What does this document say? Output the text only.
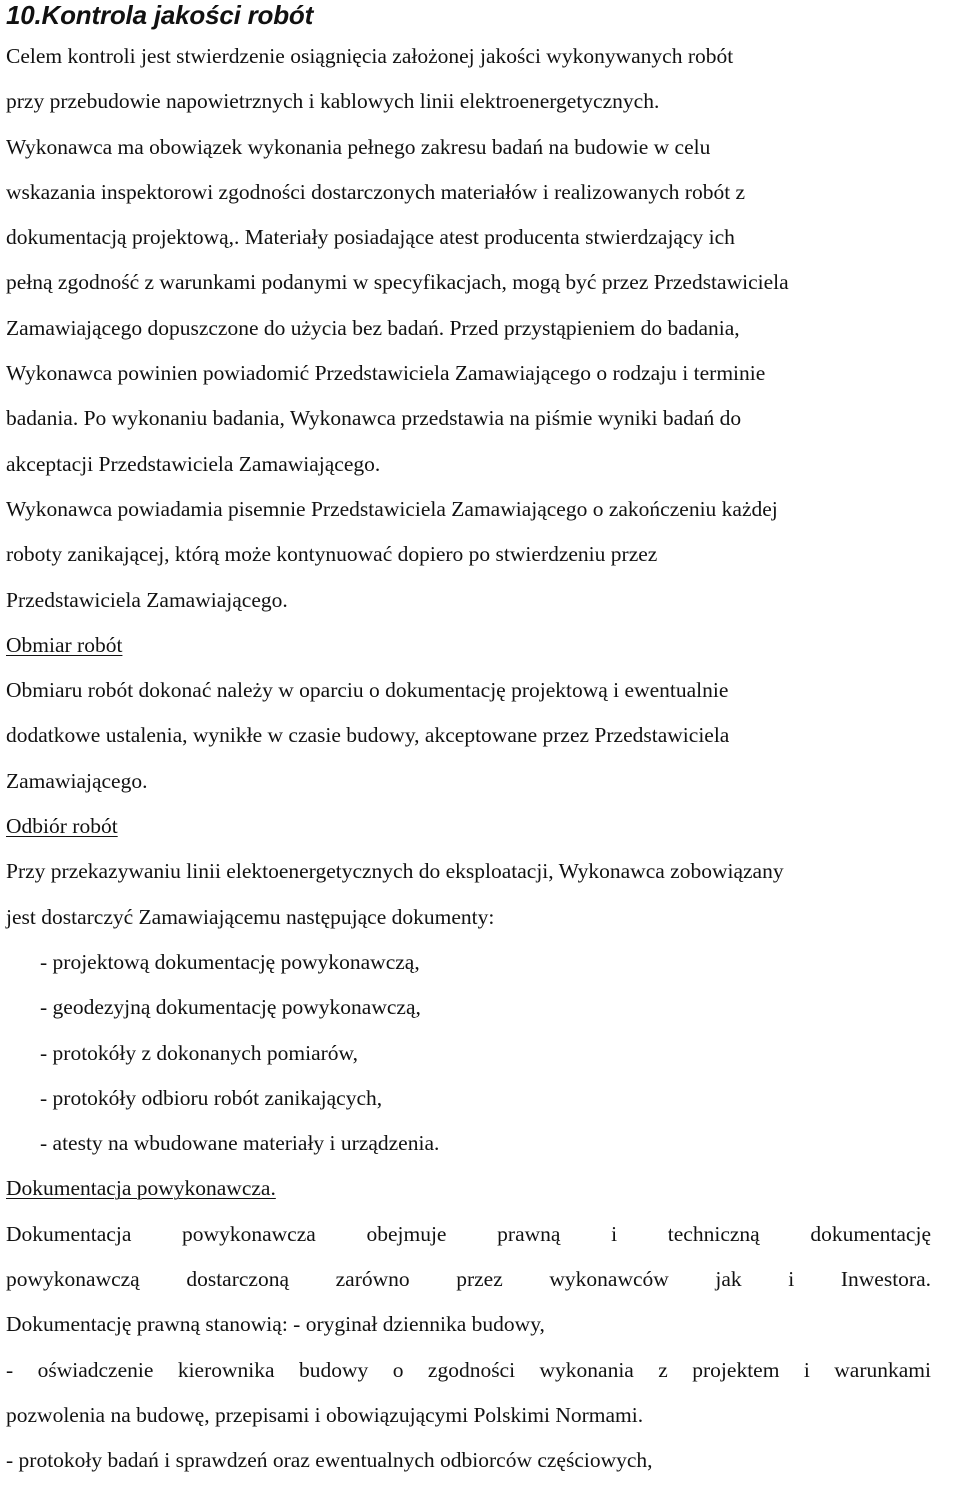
10.Kontrola jakości robót

Celem kontroli jest stwierdzenie osiągnięcia założonej jakości wykonywanych robót

przy przebudowie napowietrznych i kablowych linii elektroenergetycznych.

Wykonawca ma obowiązek wykonania pełnego zakresu badań na budowie w celu

wskazania inspektorowi zgodności dostarczonych materiałów i realizowanych robót z

dokumentacją projektową,. Materiały posiadające atest producenta stwierdzający ich

pełną zgodność z warunkami podanymi w specyfikacjach, mogą być przez Przedstawiciela

Zamawiającego dopuszczone do użycia bez badań. Przed przystąpieniem do badania,

Wykonawca powinien powiadomić Przedstawiciela Zamawiającego o rodzaju i terminie

badania. Po wykonaniu badania, Wykonawca przedstawia na piśmie wyniki badań do

akceptacji Przedstawiciela Zamawiającego.

Wykonawca powiadamia pisemnie Przedstawiciela Zamawiającego o zakończeniu każdej

roboty zanikającej, którą może kontynuować dopiero po stwierdzeniu przez

Przedstawiciela Zamawiającego.

Obmiar robót

Obmiaru robót dokonać należy w oparciu o dokumentację projektową i ewentualnie

dodatkowe ustalenia, wynikłe w czasie budowy, akceptowane przez Przedstawiciela

Zamawiającego.

Odbiór robót

Przy przekazywaniu linii elektoenergetycznych do eksploatacji, Wykonawca zobowiązany

jest dostarczyć Zamawiającemu następujące dokumenty:

- projektową dokumentację powykonawczą,
- geodezyjną dokumentację powykonawczą,
- protokóły z dokonanych pomiarów,
- protokóły odbioru robót zanikających,
- atesty na wbudowane materiały i urządzenia.

Dokumentacja powykonawcza.

Dokumentacja powykonawcza obejmuje prawną i techniczną dokumentację

powykonawczą dostarczoną zarówno przez wykonawców jak i Inwestora.

Dokumentację prawną stanowią: - oryginał dziennika budowy,

- oświadczenie kierownika budowy o zgodności wykonania z projektem i warunkami

pozwolenia na budowę, przepisami i obowiązującymi Polskimi Normami.

- protokoły badań i sprawdzeń oraz ewentualnych odbiorców częściowych,
